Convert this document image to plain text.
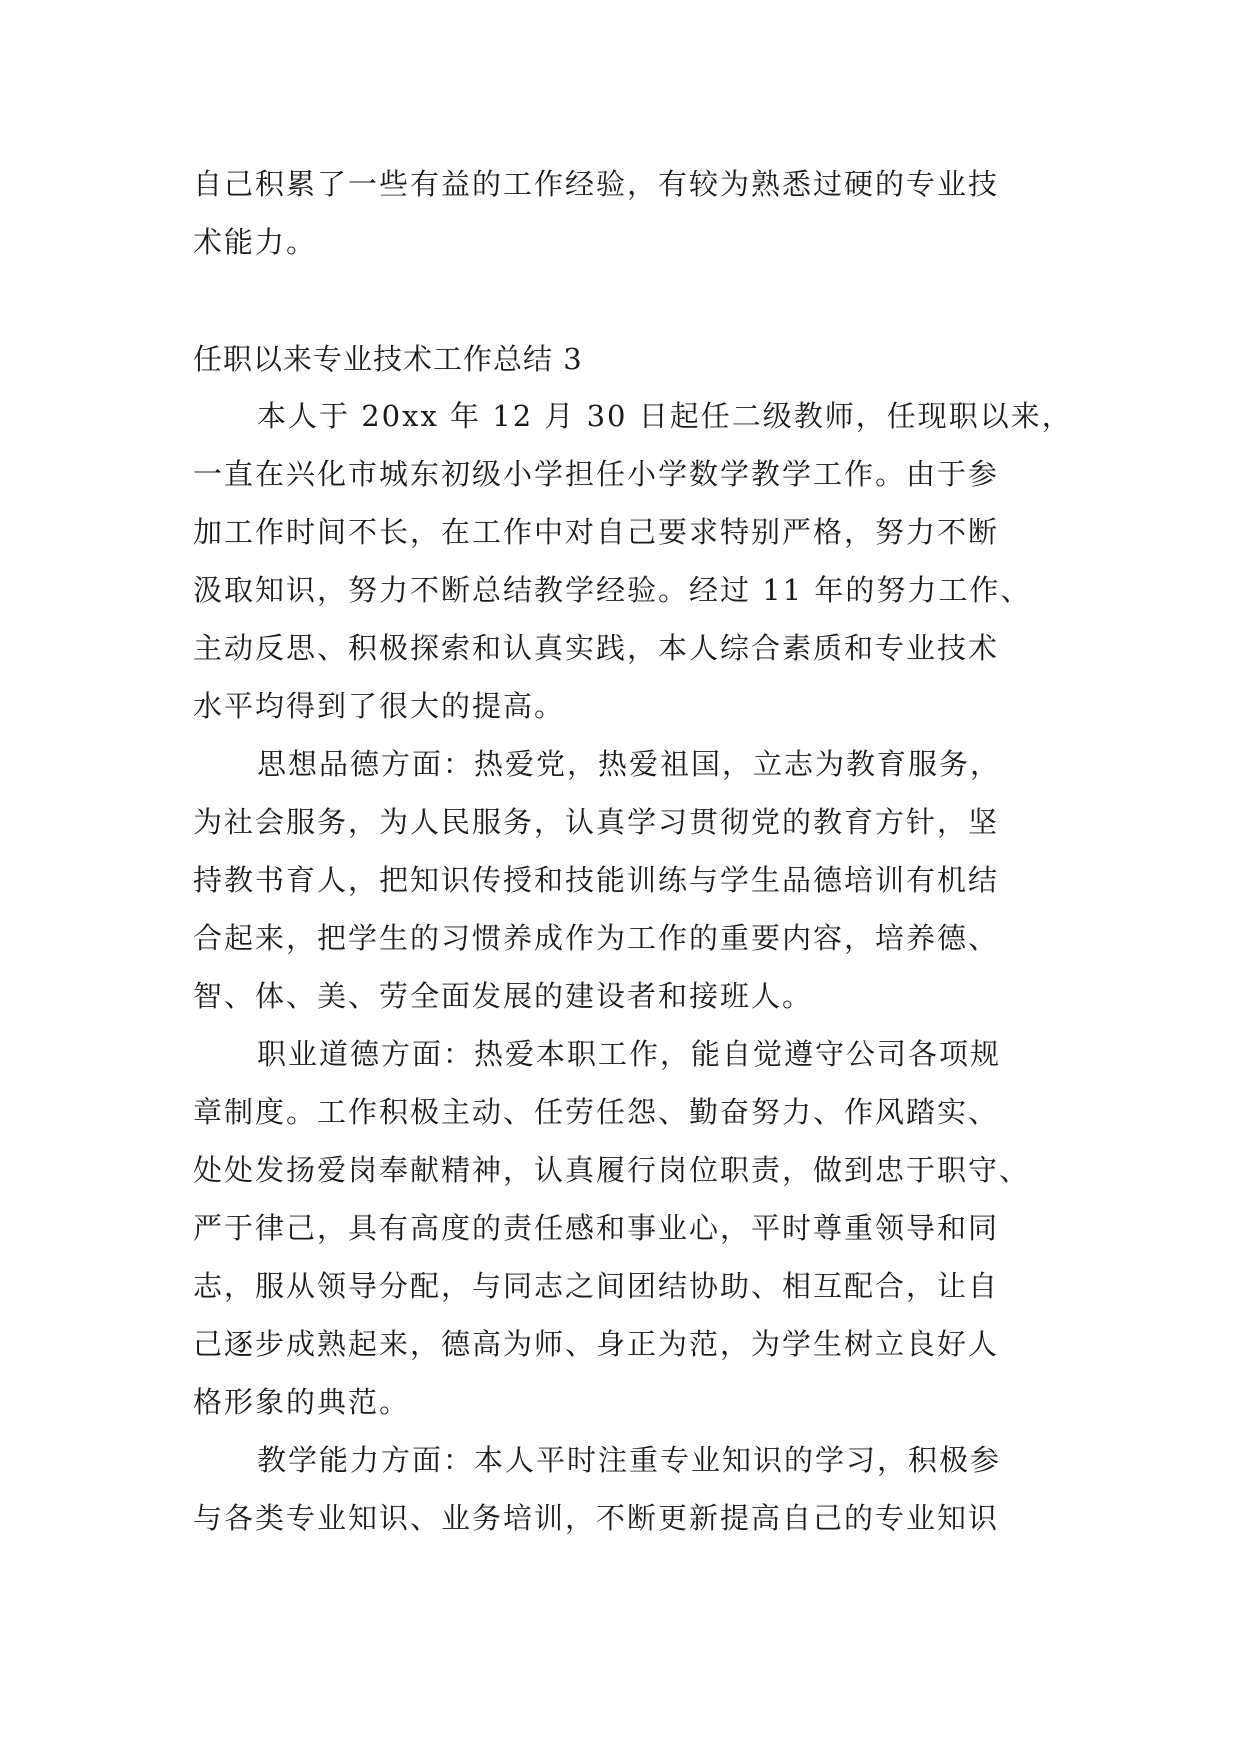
自己积累了一些有益的工作经验，有较为熟悉过硬的专业技
术能力。
任职以来专业技术工作总结 3
本人于 20xx 年 12 月 30 日起任二级教师，任现职以来，
一直在兴化市城东初级小学担任小学数学教学工作。由于参
加工作时间不长，在工作中对自己要求特别严格，努力不断
汲取知识，努力不断总结教学经验。经过 11 年的努力工作、
主动反思、积极探索和认真实践，本人综合素质和专业技术
水平均得到了很大的提高。
思想品德方面：热爱党，热爱祖国，立志为教育服务，
为社会服务，为人民服务，认真学习贯彻党的教育方针，坚
持教书育人，把知识传授和技能训练与学生品德培训有机结
合起来，把学生的习惯养成作为工作的重要内容，培养德、
智、体、美、劳全面发展的建设者和接班人。
职业道德方面：热爱本职工作，能自觉遵守公司各项规
章制度。工作积极主动、任劳任怨、勤奋努力、作风踏实、
处处发扬爱岗奉献精神，认真履行岗位职责，做到忠于职守、
严于律己，具有高度的责任感和事业心，平时尊重领导和同
志，服从领导分配，与同志之间团结协助、相互配合，让自
己逐步成熟起来，德高为师、身正为范，为学生树立良好人
格形象的典范。
教学能力方面：本人平时注重专业知识的学习，积极参
与各类专业知识、业务培训，不断更新提高自己的专业知识
